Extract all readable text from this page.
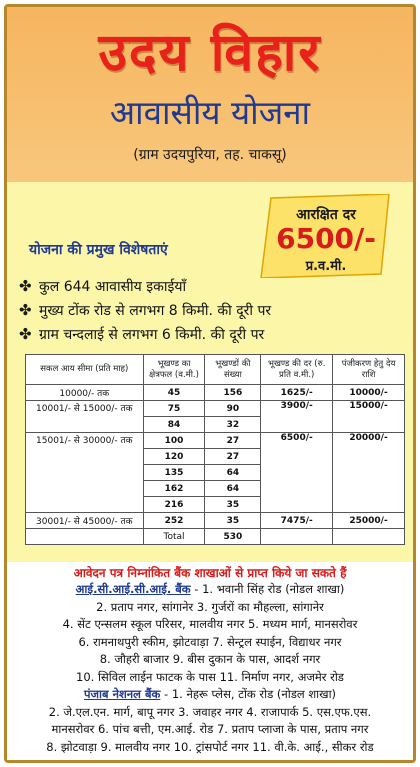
उदय विहार
आवासीय योजना
(ग्राम उदयपुरिया, तह. चाकसू)
आरक्षित दर
6500/-
प्र.व.मी.
योजना की प्रमुख विशेषताएं
✤ कुल 644 आवासीय इकाईयाँ
✤ मुख्य टोंक रोड से लगभग 8 किमी. की दूरी पर
✤ ग्राम चन्दलाई से लगभग 6 किमी. की दूरी पर
सकल आय सीमा (प्रति माह)	भूखण्ड का क्षेत्रफल (व.मी.)	भूखण्डों की संख्या	भूखण्ड की दर (रु. प्रति व.मी.)	पंजीकरण हेतु देय राशि
10000/- तक	45	156	1625/-	10000/-
10001/- से 15000/- तक	75	90	3900/-	15000/-
	84	32		
15001/- से 30000/- तक	100	27	6500/-	20000/-
	120	27		
	135	64		
	162	64		
	216	35		
30001/- से 45000/- तक	252	35	7475/-	25000/-
	Total	530		
आवेदन पत्र निम्नांकित बैंक शाखाओं से प्राप्त किये जा सकते हैं
आई.सी.आई.सी.आई. बैंक - 1. भवानी सिंह रोड (नोडल शाखा)
2. प्रताप नगर, सांगानेर 3. गुर्जरों का मौहल्ला, सांगानेर
4. सेंट एन्सलम स्कूल परिसर, मालवीय नगर 5. मध्यम मार्ग, मानसरोवर
6. रामनाथपुरी स्कीम, झोटवाड़ा 7. सेन्ट्रल स्पाईन, विद्याधर नगर
8. जौहरी बाजार 9. बीस दुकान के पास, आदर्श नगर
10. सिविल लाईन फाटक के पास 11. निर्माण नगर, अजमेर रोड
पंजाब नेशनल बैंक - 1. नेहरू प्लेस, टोंक रोड (नोडल शाखा)
2. जे.एल.एन. मार्ग, बापू नगर 3. जवाहर नगर 4. राजापार्क 5. एस.एफ.एस.
मानसरोवर 6. पांच बत्ती, एम.आई. रोड 7. प्रताप प्लाजा के पास, प्रताप नगर
8. झोटवाड़ा 9. मालवीय नगर 10. ट्रांसपोर्ट नगर 11. वी.के. आई., सीकर रोड
